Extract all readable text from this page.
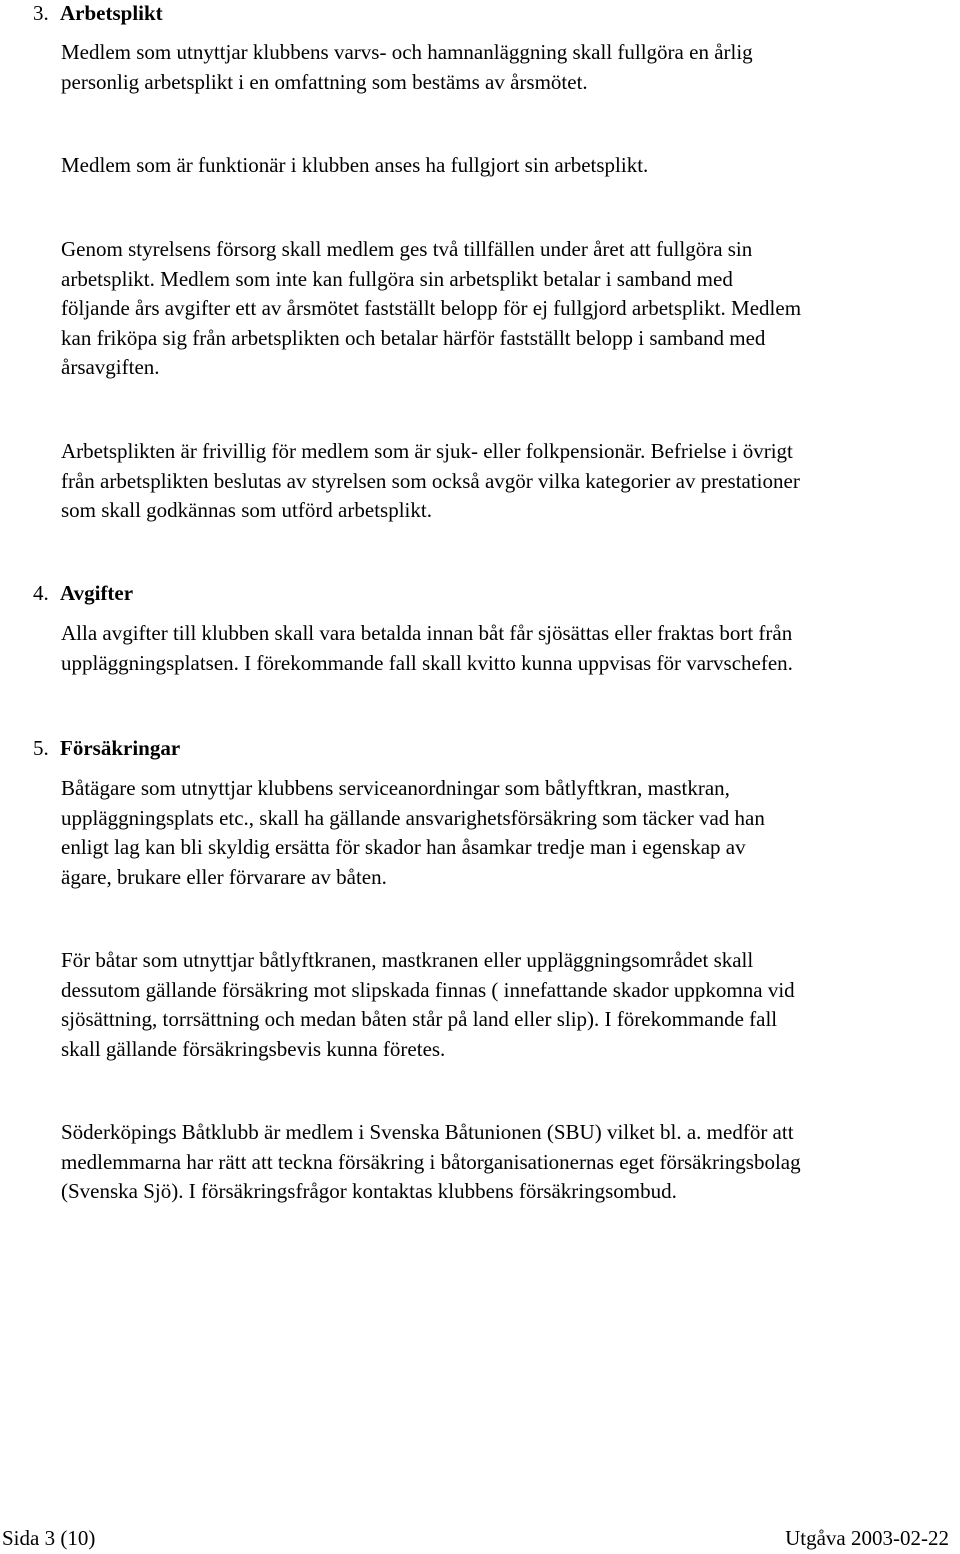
3. Arbetsplikt
Medlem som utnyttjar klubbens varvs- och hamnanläggning skall fullgöra en årlig
personlig arbetsplikt i en omfattning som bestäms av årsmötet.
Medlem som är funktionär i klubben anses ha fullgjort sin arbetsplikt.
Genom styrelsens försorg skall medlem ges två tillfällen under året att fullgöra sin
arbetsplikt. Medlem som inte kan fullgöra sin arbetsplikt betalar i samband med
följande års avgifter ett av årsmötet fastställt belopp för ej fullgjord arbetsplikt. Medlem
kan friköpa sig från arbetsplikten och betalar härför fastställt belopp i samband med
årsavgiften.
Arbetsplikten är frivillig för medlem som är sjuk- eller folkpensionär. Befrielse i övrigt
från arbetsplikten beslutas av styrelsen som också avgör vilka kategorier av prestationer
som skall godkännas som utförd arbetsplikt.
4. Avgifter
Alla avgifter till klubben skall vara betalda innan båt får sjösättas eller fraktas bort från
uppläggningsplatsen. I förekommande fall skall kvitto kunna uppvisas för varvschefen.
5. Försäkringar
Båtägare som utnyttjar klubbens serviceanordningar som båtlyftkran, mastkran,
uppläggningsplats etc., skall ha gällande ansvarighetsförsäkring som täcker vad han
enligt lag kan bli skyldig ersätta för skador han åsamkar tredje man i egenskap av
ägare, brukare eller förvarare av båten.
För båtar som utnyttjar båtlyftkranen, mastkranen eller uppläggningsområdet skall
dessutom gällande försäkring mot slipskada finnas ( innefattande skador uppkomna vid
sjösättning, torrsättning och medan båten står på land eller slip). I förekommande fall
skall gällande försäkringsbevis kunna företes.
Söderköpings Båtklubb är medlem i Svenska Båtunionen (SBU) vilket bl. a. medför att
medlemmarna har rätt att teckna försäkring i båtorganisationernas eget försäkringsbolag
(Svenska Sjö). I försäkringsfrågor kontaktas klubbens försäkringsombud.
Sida 3 (10)	Utgåva 2003-02-22
